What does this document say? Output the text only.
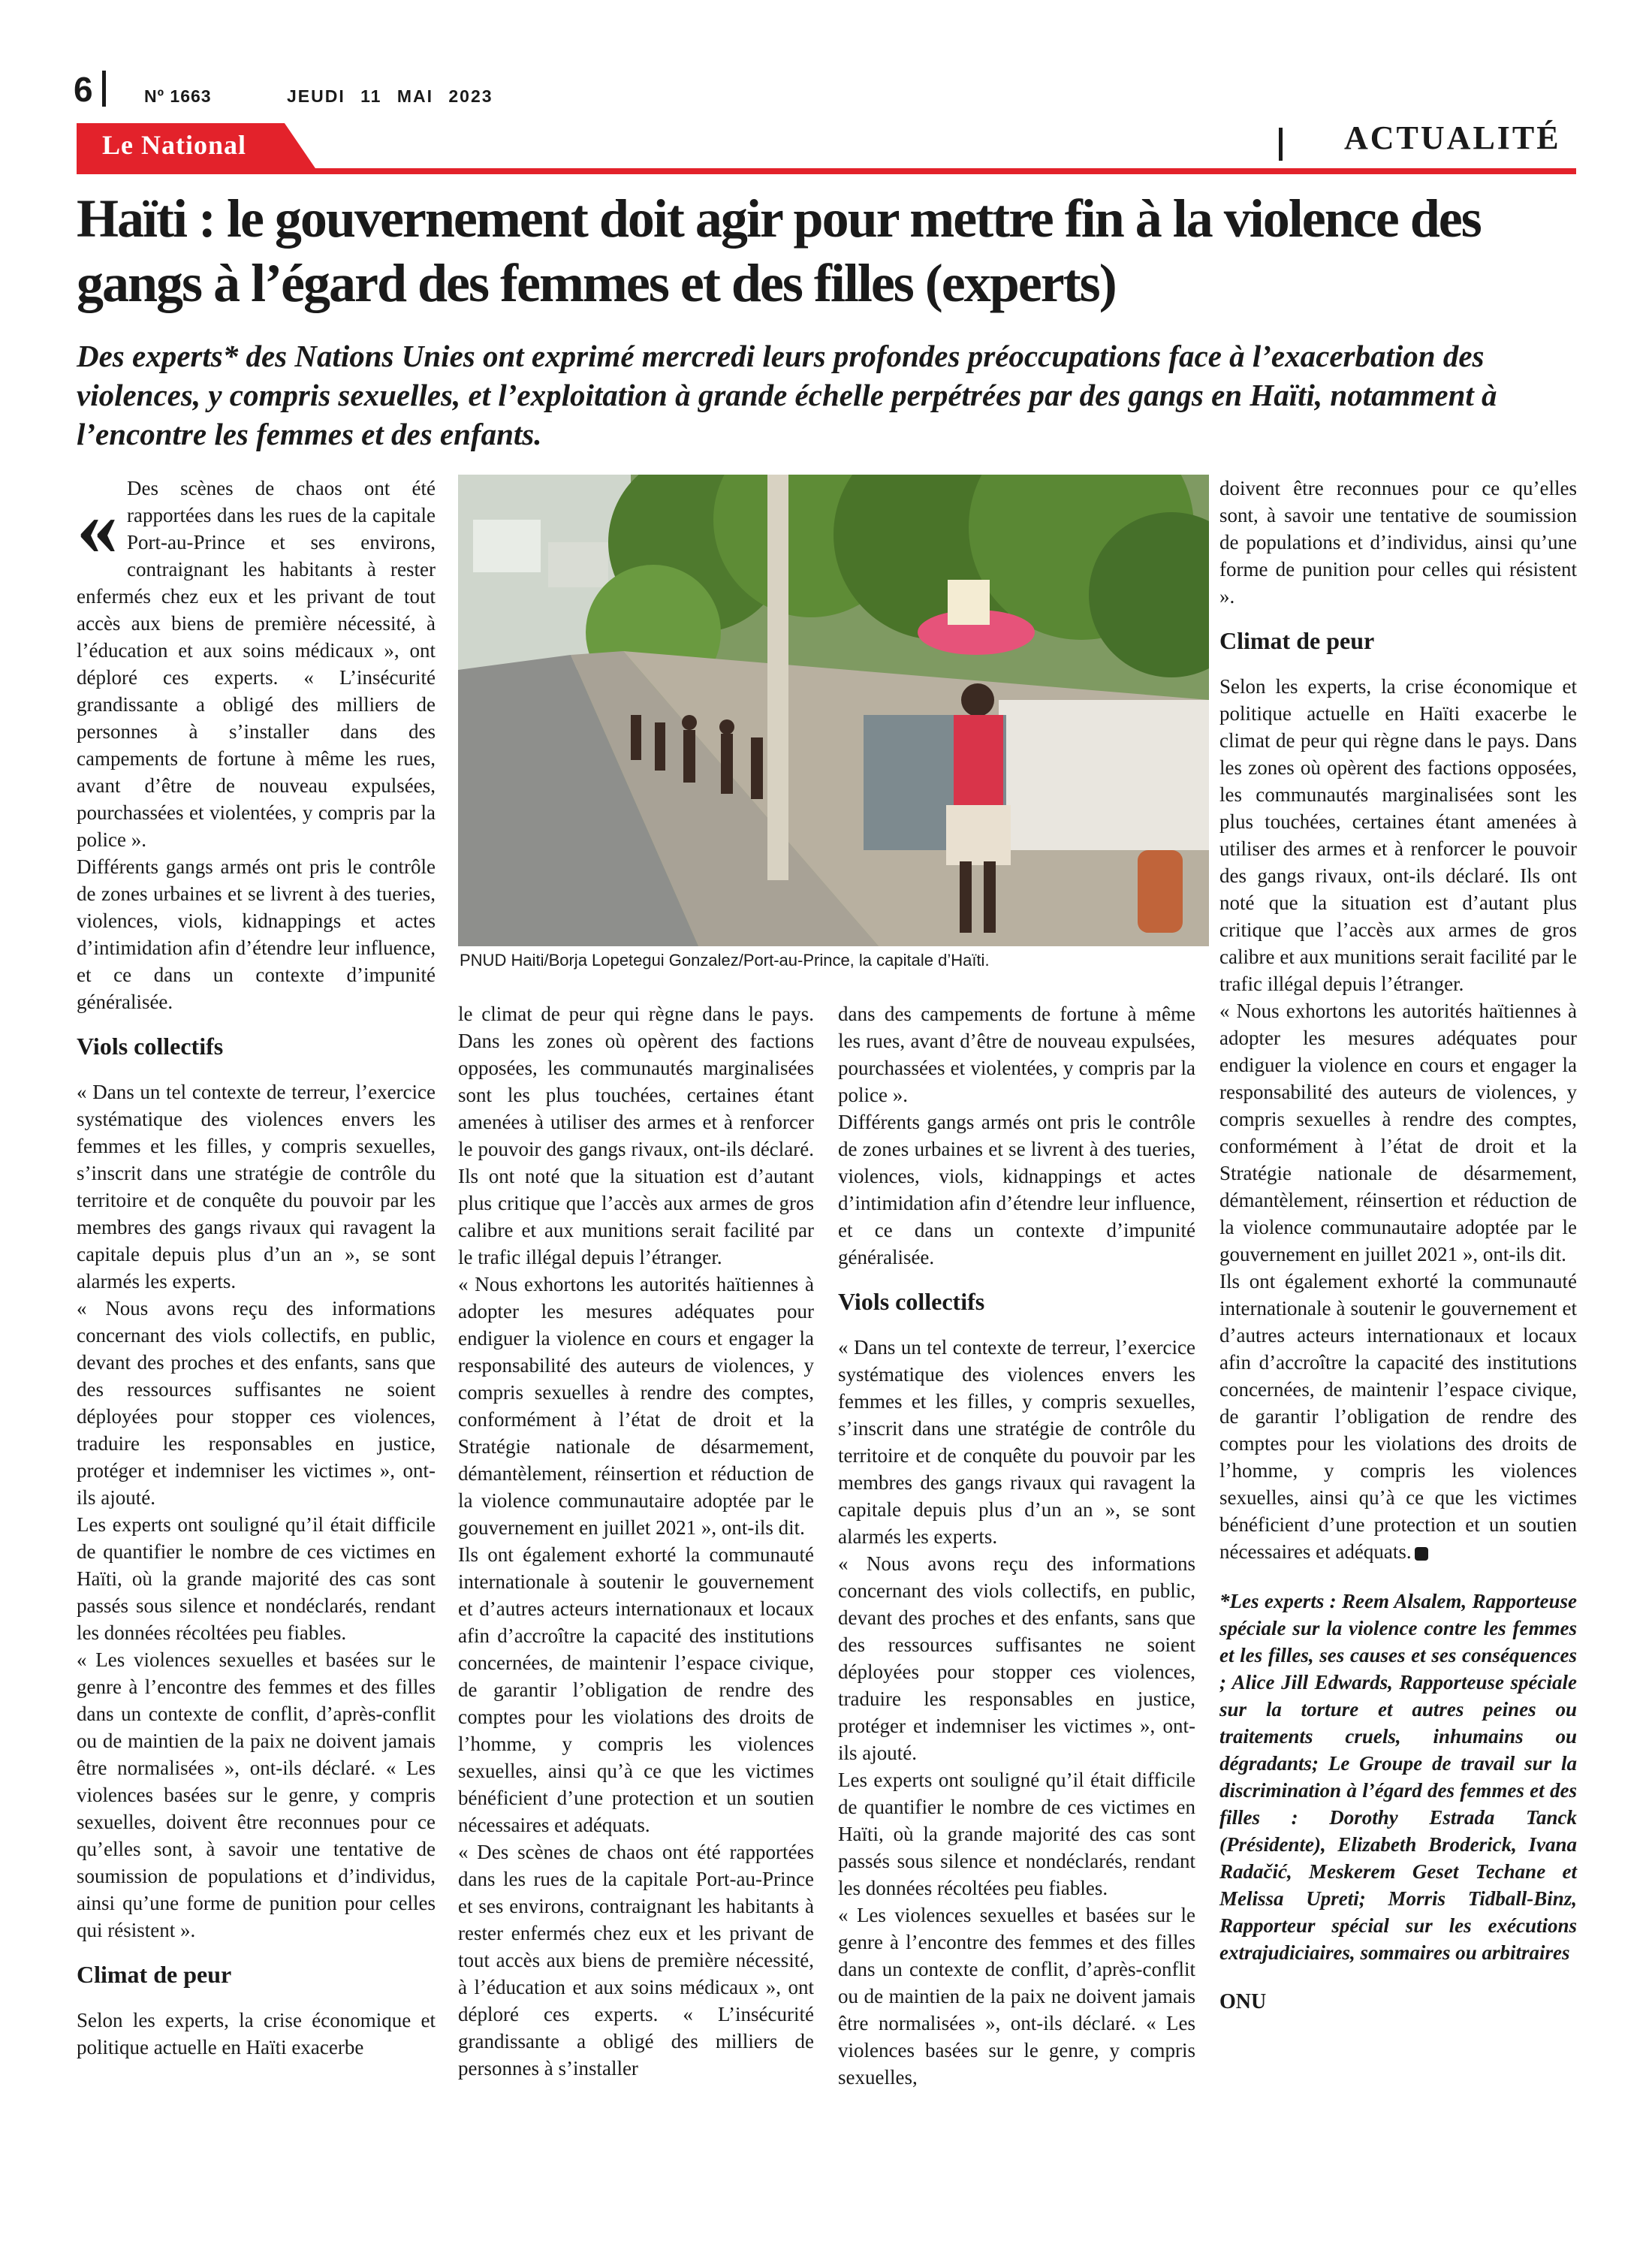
6	Nº 1663	JEUDI 11 MAI 2023
Le National	ACTUALITÉ
Haïti : le gouvernement doit agir pour mettre fin à la violence des gangs à l’égard des femmes et des filles (experts)
Des experts* des Nations Unies ont exprimé mercredi leurs profondes préoccupations face à l’exacerbation des violences, y compris sexuelles, et l’exploitation à grande échelle perpétrées par des gangs en Haïti, notamment à l’encontre les femmes et des enfants.
« Des scènes de chaos ont été rapportées dans les rues de la capitale Port-au-Prince et ses environs, contraignant les habitants à rester enfermés chez eux et les privant de tout accès aux biens de première nécessité, à l’éducation et aux soins médicaux », ont déploré ces experts. « L’insécurité grandissante a obligé des milliers de personnes à s’installer dans des campements de fortune à même les rues, avant d’être de nouveau expulsées, pourchassées et violentées, y compris par la police ».

Différents gangs armés ont pris le contrôle de zones urbaines et se livrent à des tueries, violences, viols, kidnappings et actes d’intimidation afin d’étendre leur influence, et ce dans un contexte d’impunité généralisée.

Viols collectifs

« Dans un tel contexte de terreur, l’exercice systématique des violences envers les femmes et les filles, y compris sexuelles, s’inscrit dans une stratégie de contrôle du territoire et de conquête du pouvoir par les membres des gangs rivaux qui ravagent la capitale depuis plus d’un an », se sont alarmés les experts.

« Nous avons reçu des informations concernant des viols collectifs, en public, devant des proches et des enfants, sans que des ressources suffisantes ne soient déployées pour stopper ces violences, traduire les responsables en justice, protéger et indemniser les victimes », ont-ils ajouté.

Les experts ont souligné qu’il était difficile de quantifier le nombre de ces victimes en Haïti, où la grande majorité des cas sont passés sous silence et nondéclarés, rendant les données récoltées peu fiables.

« Les violences sexuelles et basées sur le genre à l’encontre des femmes et des filles dans un contexte de conflit, d’après-conflit ou de maintien de la paix ne doivent jamais être normalisées », ont-ils déclaré. « Les violences basées sur le genre, y compris sexuelles, doivent être reconnues pour ce qu’elles sont, à savoir une tentative de soumission de populations et d’individus, ainsi qu’une forme de punition pour celles qui résistent ».

Climat de peur

Selon les experts, la crise économique et politique actuelle en Haïti exacerbe

PNUD Haiti/Borja Lopetegui Gonzalez/Port-au-Prince, la capitale d’Haïti.

le climat de peur qui règne dans le pays. Dans les zones où opèrent des factions opposées, les communautés marginalisées sont les plus touchées, certaines étant amenées à utiliser des armes et à renforcer le pouvoir des gangs rivaux, ont-ils déclaré. Ils ont noté que la situation est d’autant plus critique que l’accès aux armes de gros calibre et aux munitions serait facilité par le trafic illégal depuis l’étranger.

« Nous exhortons les autorités haïtiennes à adopter les mesures adéquates pour endiguer la violence en cours et engager la responsabilité des auteurs de violences, y compris sexuelles à rendre des comptes, conformément à l’état de droit et la Stratégie nationale de désarmement, démantèlement, réinsertion et réduction de la violence communautaire adoptée par le gouvernement en juillet 2021 », ont-ils dit.

Ils ont également exhorté la communauté internationale à soutenir le gouvernement et d’autres acteurs internationaux et locaux afin d’accroître la capacité des institutions concernées, de maintenir l’espace civique, de garantir l’obligation de rendre des comptes pour les violations des droits de l’homme, y compris les violences sexuelles, ainsi qu’à ce que les victimes bénéficient d’une protection et un soutien nécessaires et adéquats.

« Des scènes de chaos ont été rapportées dans les rues de la capitale Port-au-Prince et ses environs, contraignant les habitants à rester enfermés chez eux et les privant de tout accès aux biens de première nécessité, à l’éducation et aux soins médicaux », ont déploré ces experts. « L’insécurité grandissante a obligé des milliers de personnes à s’installer

dans des campements de fortune à même les rues, avant d’être de nouveau expulsées, pourchassées et violentées, y compris par la police ».

Différents gangs armés ont pris le contrôle de zones urbaines et se livrent à des tueries, violences, viols, kidnappings et actes d’intimidation afin d’étendre leur influence, et ce dans un contexte d’impunité généralisée.

Viols collectifs

« Dans un tel contexte de terreur, l’exercice systématique des violences envers les femmes et les filles, y compris sexuelles, s’inscrit dans une stratégie de contrôle du territoire et de conquête du pouvoir par les membres des gangs rivaux qui ravagent la capitale depuis plus d’un an », se sont alarmés les experts.

« Nous avons reçu des informations concernant des viols collectifs, en public, devant des proches et des enfants, sans que des ressources suffisantes ne soient déployées pour stopper ces violences, traduire les responsables en justice, protéger et indemniser les victimes », ont-ils ajouté.

Les experts ont souligné qu’il était difficile de quantifier le nombre de ces victimes en Haïti, où la grande majorité des cas sont passés sous silence et nondéclarés, rendant les données récoltées peu fiables.

« Les violences sexuelles et basées sur le genre à l’encontre des femmes et des filles dans un contexte de conflit, d’après-conflit ou de maintien de la paix ne doivent jamais être normalisées », ont-ils déclaré. « Les violences basées sur le genre, y compris sexuelles,

doivent être reconnues pour ce qu’elles sont, à savoir une tentative de soumission de populations et d’individus, ainsi qu’une forme de punition pour celles qui résistent ».

Climat de peur

Selon les experts, la crise économique et politique actuelle en Haïti exacerbe le climat de peur qui règne dans le pays. Dans les zones où opèrent des factions opposées, les communautés marginalisées sont les plus touchées, certaines étant amenées à utiliser des armes et à renforcer le pouvoir des gangs rivaux, ont-ils déclaré. Ils ont noté que la situation est d’autant plus critique que l’accès aux armes de gros calibre et aux munitions serait facilité par le trafic illégal depuis l’étranger.

« Nous exhortons les autorités haïtiennes à adopter les mesures adéquates pour endiguer la violence en cours et engager la responsabilité des auteurs de violences, y compris sexuelles à rendre des comptes, conformément à l’état de droit et la Stratégie nationale de désarmement, démantèlement, réinsertion et réduction de la violence communautaire adoptée par le gouvernement en juillet 2021 », ont-ils dit.

Ils ont également exhorté la communauté internationale à soutenir le gouvernement et d’autres acteurs internationaux et locaux afin d’accroître la capacité des institutions concernées, de maintenir l’espace civique, de garantir l’obligation de rendre des comptes pour les violations des droits de l’homme, y compris les violences sexuelles, ainsi qu’à ce que les victimes bénéficient d’une protection et un soutien nécessaires et adéquats.

*Les experts : Reem Alsalem, Rapporteuse spéciale sur la violence contre les femmes et les filles, ses causes et ses conséquences ; Alice Jill Edwards, Rapporteuse spéciale sur la torture et autres peines ou traitements cruels, inhumains ou dégradants; Le Groupe de travail sur la discrimination à l’égard des femmes et des filles : Dorothy Estrada Tanck (Présidente), Elizabeth Broderick, Ivana Radačić, Meskerem Geset Techane et Melissa Upreti; Morris Tidball-Binz, Rapporteur spécial sur les exécutions extrajudiciaires, sommaires ou arbitraires

ONU
